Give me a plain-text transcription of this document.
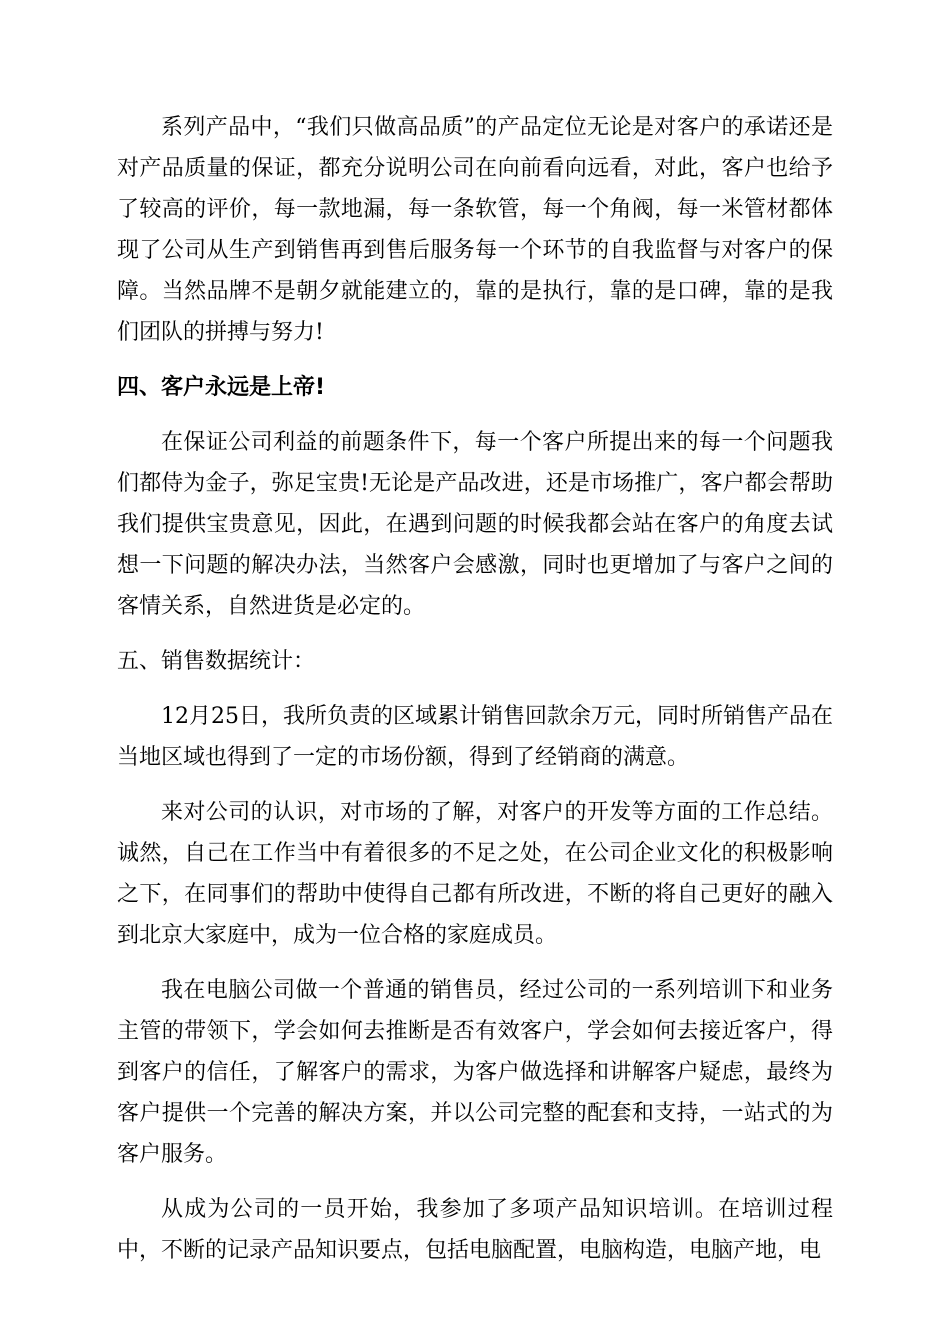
系列产品中，“我们只做高品质”的产品定位无论是对客户的承诺还是对产品质量的保证，都充分说明公司在向前看向远看，对此，客户也给予了较高的评价，每一款地漏，每一条软管，每一个角阀，每一米管材都体现了公司从生产到销售再到售后服务每一个环节的自我监督与对客户的保障。当然品牌不是朝夕就能建立的，靠的是执行，靠的是口碑，靠的是我们团队的拼搏与努力!

四、客户永远是上帝!

在保证公司利益的前题条件下，每一个客户所提出来的每一个问题我们都侍为金子，弥足宝贵!无论是产品改进，还是市场推广，客户都会帮助我们提供宝贵意见，因此，在遇到问题的时候我都会站在客户的角度去试想一下问题的解决办法，当然客户会感激，同时也更增加了与客户之间的客情关系，自然进货是必定的。

五、销售数据统计：

12月25日，我所负责的区域累计销售回款余万元，同时所销售产品在当地区域也得到了一定的市场份额，得到了经销商的满意。

来对公司的认识，对市场的了解，对客户的开发等方面的工作总结。诚然，自己在工作当中有着很多的不足之处，在公司企业文化的积极影响之下，在同事们的帮助中使得自己都有所改进，不断的将自己更好的融入到北京大家庭中，成为一位合格的家庭成员。

我在电脑公司做一个普通的销售员，经过公司的一系列培训下和业务主管的带领下，学会如何去推断是否有效客户，学会如何去接近客户，得到客户的信任，了解客户的需求，为客户做选择和讲解客户疑虑，最终为客户提供一个完善的解决方案，并以公司完整的配套和支持，一站式的为客户服务。

从成为公司的一员开始，我参加了多项产品知识培训。在培训过程中，不断的记录产品知识要点，包括电脑配置，电脑构造，电脑产地，电
